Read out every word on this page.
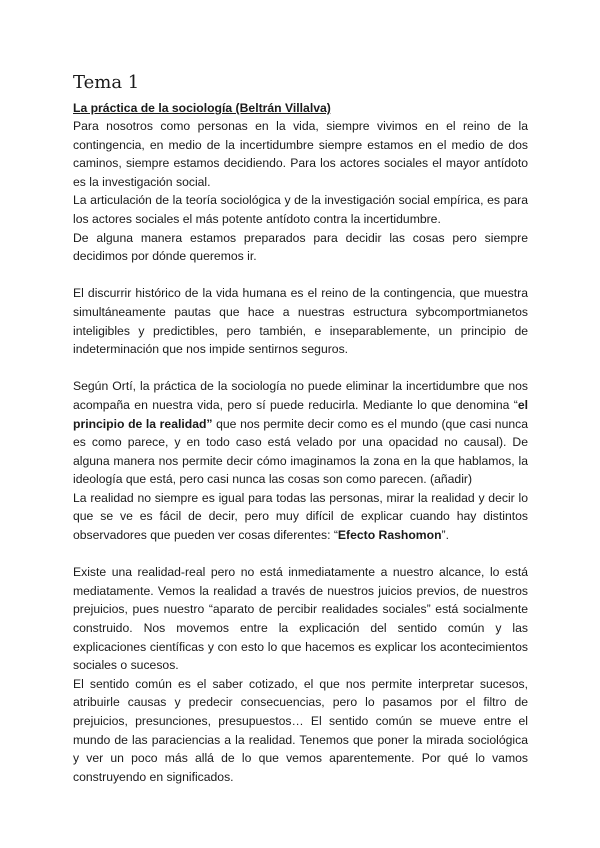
Tema 1
La práctica de la sociología (Beltrán Villalva)

Para nosotros como personas en la vida, siempre vivimos en el reino de la contingencia, en medio de la incertidumbre siempre estamos en el medio de dos caminos, siempre estamos decidiendo. Para los actores sociales el mayor antídoto es la investigación social.

La articulación de la teoría sociológica y de la investigación social empírica, es para los actores sociales el más potente antídoto contra la incertidumbre.

De alguna manera estamos preparados para decidir las cosas pero siempre decidimos por dónde queremos ir.

El discurrir histórico de la vida humana es el reino de la contingencia, que muestra simultáneamente pautas que hace a nuestras estructura sybcomportmianetos inteligibles y predictibles, pero también, e inseparablemente, un principio de indeterminación que nos impide sentirnos seguros.

Según Ortí, la práctica de la sociología no puede eliminar la incertidumbre que nos acompaña en nuestra vida, pero sí puede reducirla. Mediante lo que denomina “el principio de la realidad” que nos permite decir como es el mundo (que casi nunca es como parece, y en todo caso está velado por una opacidad no causal). De alguna manera nos permite decir cómo imaginamos la zona en la que hablamos, la ideología que está, pero casi nunca las cosas son como parecen. (añadir)

La realidad no siempre es igual para todas las personas, mirar la realidad y decir lo que se ve es fácil de decir, pero muy difícil de explicar cuando hay distintos observadores que pueden ver cosas diferentes: “Efecto Rashomon”.

Existe una realidad-real pero no está inmediatamente a nuestro alcance, lo está mediatamente. Vemos la realidad a través de nuestros juicios previos, de nuestros prejuicios, pues nuestro “aparato de percibir realidades sociales” está socialmente construido. Nos movemos entre la explicación del sentido común y las explicaciones científicas y con esto lo que hacemos es explicar los acontecimientos sociales o sucesos.

El sentido común es el saber cotizado, el que nos permite interpretar sucesos, atribuirle causas y predecir consecuencias, pero lo pasamos por el filtro de prejuicios, presunciones, presupuestos… El sentido común se mueve entre el mundo de las paraciencias a la realidad. Tenemos que poner la mirada sociológica y ver un poco más allá de lo que vemos aparentemente. Por qué lo vamos construyendo en significados.
